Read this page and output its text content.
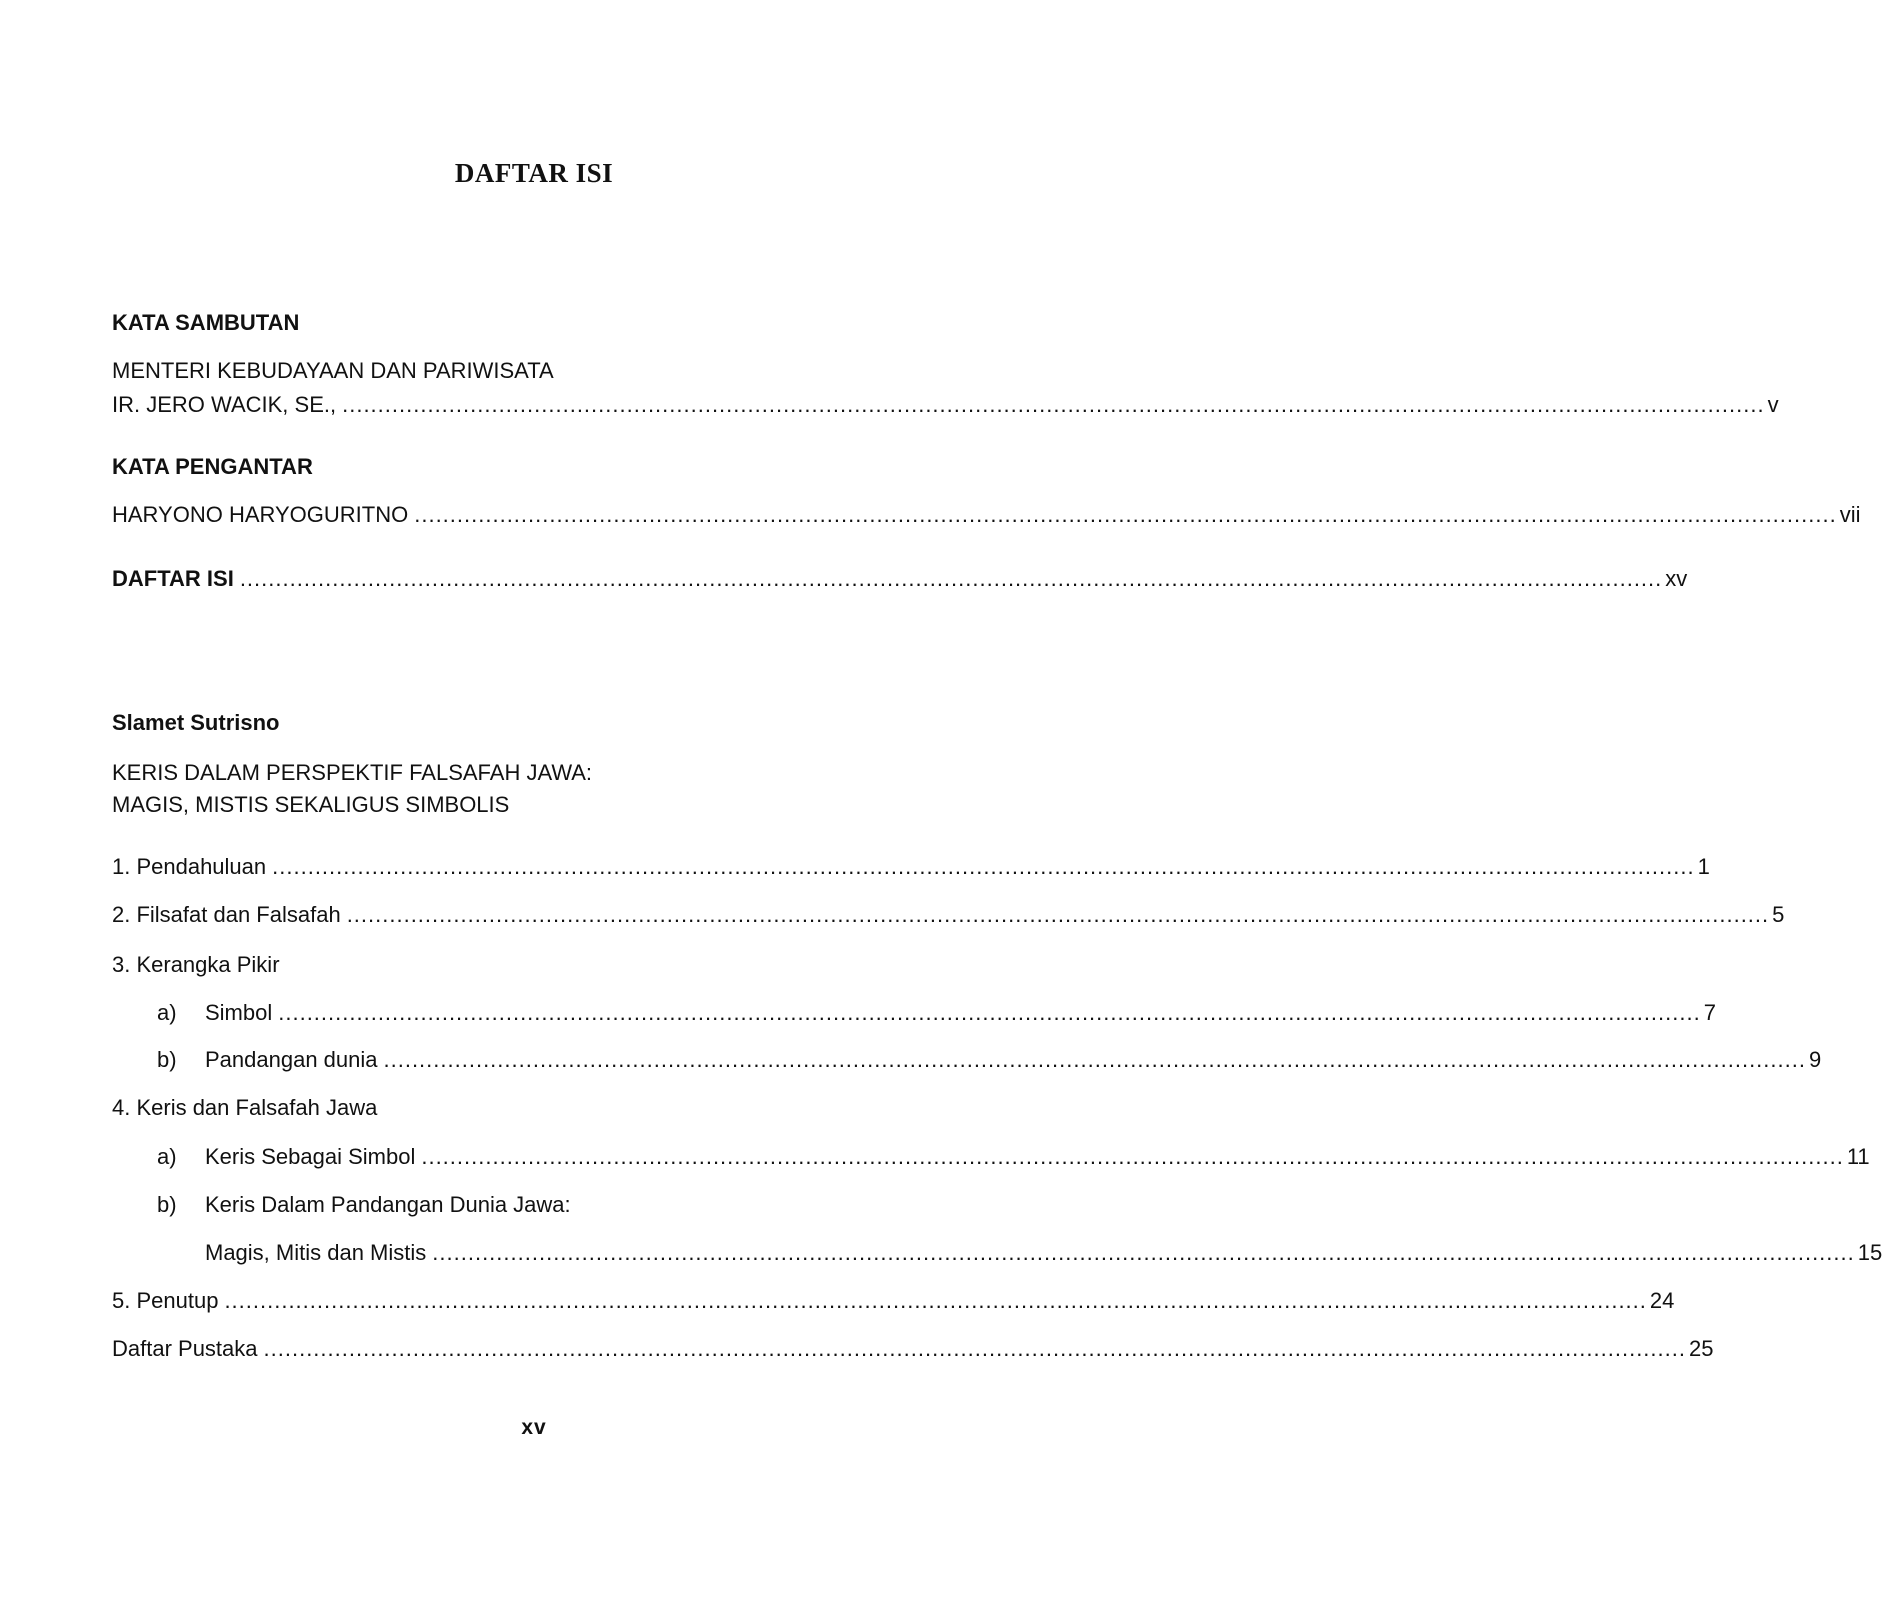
DAFTAR ISI
KATA SAMBUTAN
MENTERI KEBUDAYAAN DAN PARIWISATA
IR. JERO WACIK, SE., ........................................................................................................................................................................................................ v
KATA PENGANTAR
HARYONO HARYOGURITNO ........................................................................................................................................................................................................ vii
DAFTAR ISI ........................................................................................................................................................................................................ xv
Slamet Sutrisno
KERIS DALAM PERSPEKTIF FALSAFAH JAWA:
MAGIS, MISTIS SEKALIGUS SIMBOLIS
1. Pendahuluan ........................................................................................................................................................................................................ 1
2. Filsafat dan Falsafah ........................................................................................................................................................................................................ 5
3. Kerangka Pikir
a) Simbol ........................................................................................................................................................................................................ 7
b) Pandangan dunia ........................................................................................................................................................................................................ 9
4. Keris dan Falsafah Jawa
a) Keris Sebagai Simbol ........................................................................................................................................................................................................ 11
b) Keris Dalam Pandangan Dunia Jawa:
Magis, Mitis dan Mistis ........................................................................................................................................................................................................ 15
5. Penutup ........................................................................................................................................................................................................ 24
Daftar Pustaka ........................................................................................................................................................................................................ 25
xv
